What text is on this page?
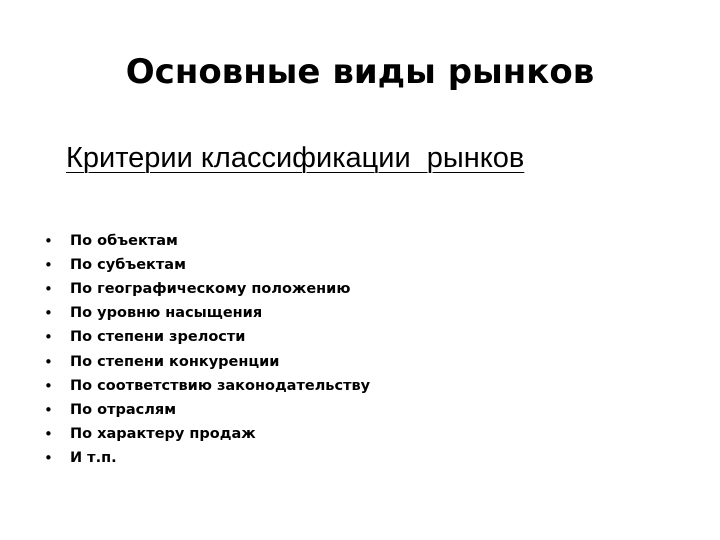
Основные виды рынков

Критерии классификации  рынков

•	По объектам
•	По субъектам
•	По географическому положению
•	По уровню насыщения
•	По степени зрелости
•	По степени конкуренции
•	По соответствию законодательству
•	По отраслям
•	По характеру продаж
•	И т.п.
